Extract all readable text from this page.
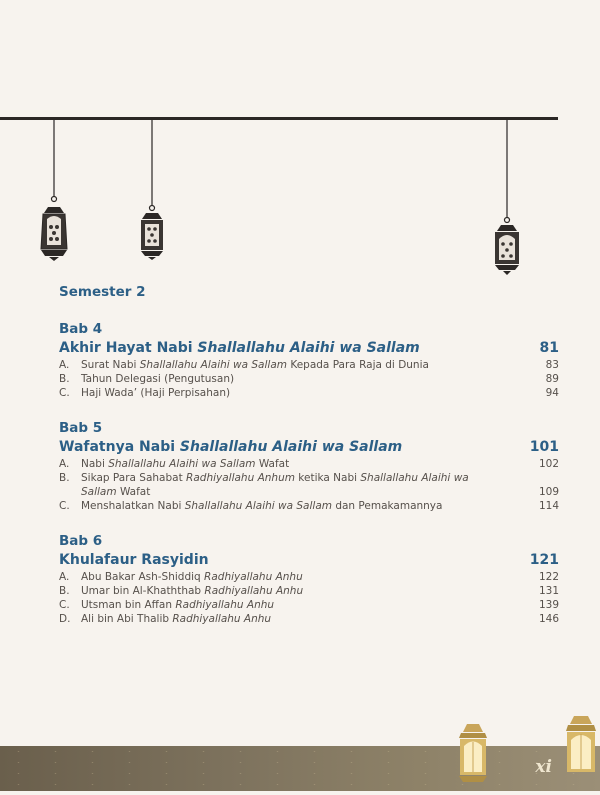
Semester 2
Bab 4
Akhir Hayat Nabi Shallallahu Alaihi wa Sallam	81
A.	Surat Nabi Shallallahu Alaihi wa Sallam Kepada Para Raja di Dunia	83
B.	Tahun Delegasi (Pengutusan)	89
C.	Haji Wada’ (Haji Perpisahan)	94
Bab 5
Wafatnya Nabi Shallallahu Alaihi wa Sallam	101
A.	Nabi Shallallahu Alaihi wa Sallam Wafat	102
B.	Sikap Para Sahabat Radhiyallahu Anhum ketika Nabi Shallallahu Alaihi wa Sallam Wafat	109
C.	Menshalatkan Nabi Shallallahu Alaihi wa Sallam dan Pemakamannya	114
Bab 6
Khulafaur Rasyidin	121
A.	Abu Bakar Ash-Shiddiq Radhiyallahu Anhu	122
B.	Umar bin Al-Khaththab Radhiyallahu Anhu	131
C.	Utsman bin Affan Radhiyallahu Anhu	139
D.	Ali bin Abi Thalib Radhiyallahu Anhu	146
xi
